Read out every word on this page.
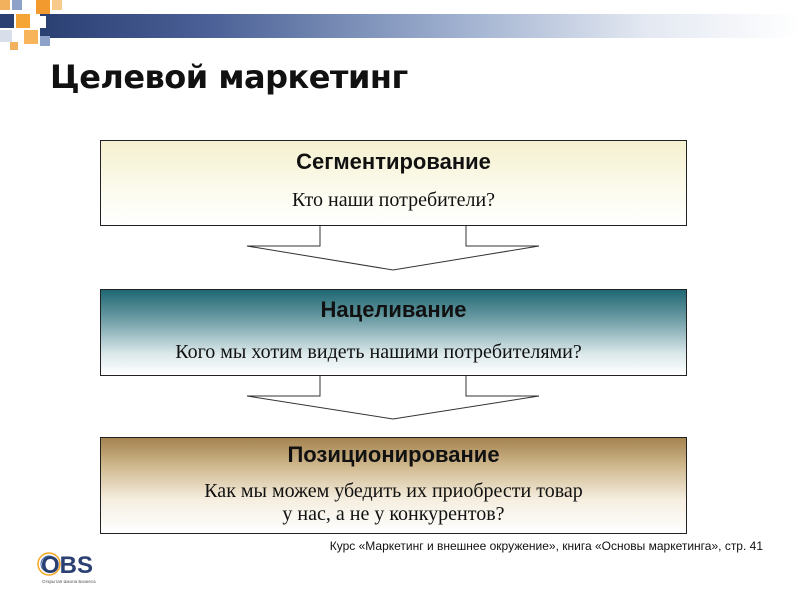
Целевой маркетинг
Сегментирование
Кто наши потребители?
Нацеливание
Кого мы хотим видеть нашими потребителями?
Позиционирование
Как мы можем убедить их приобрести товар
у нас, а не у конкурентов?
Курс «Маркетинг и внешнее окружение», книга «Основы маркетинга», стр. 41
OBS
Открытая Школа Бизнеса
